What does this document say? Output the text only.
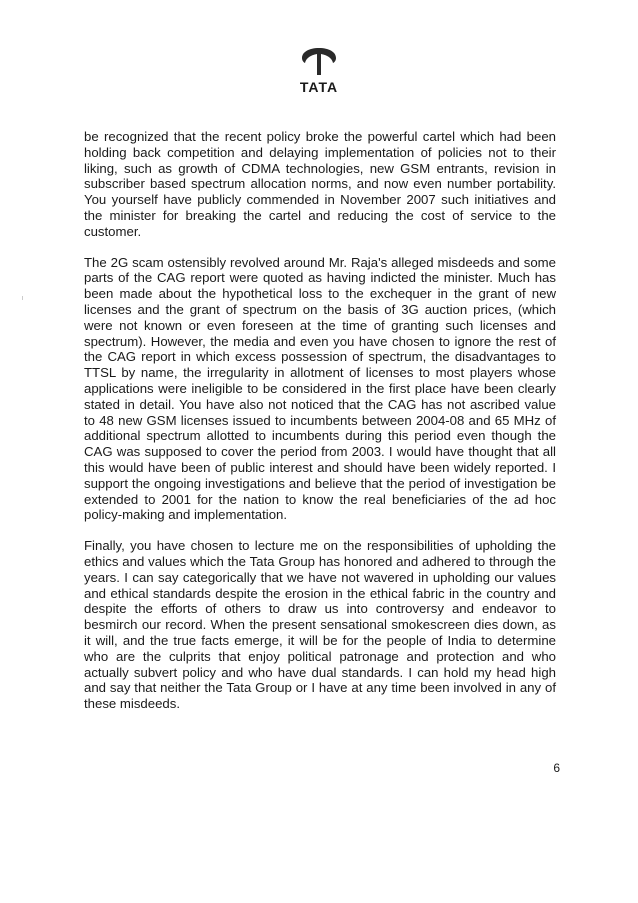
TATA

be recognized that the recent policy broke the powerful cartel which had been holding back competition and delaying implementation of policies not to their liking, such as growth of CDMA technologies, new GSM entrants, revision in subscriber based spectrum allocation norms, and now even number portability. You yourself have publicly commended in November 2007 such initiatives and the minister for breaking the cartel and reducing the cost of service to the customer.

The 2G scam ostensibly revolved around Mr. Raja's alleged misdeeds and some parts of the CAG report were quoted as having indicted the minister. Much has been made about the hypothetical loss to the exchequer in the grant of new licenses and the grant of spectrum on the basis of 3G auction prices, (which were not known or even foreseen at the time of granting such licenses and spectrum). However, the media and even you have chosen to ignore the rest of the CAG report in which excess possession of spectrum, the disadvantages to TTSL by name, the irregularity in allotment of licenses to most players whose applications were ineligible to be considered in the first place have been clearly stated in detail. You have also not noticed that the CAG has not ascribed value to 48 new GSM licenses issued to incumbents between 2004-08 and 65 MHz of additional spectrum allotted to incumbents during this period even though the CAG was supposed to cover the period from 2003. I would have thought that all this would have been of public interest and should have been widely reported. I support the ongoing investigations and believe that the period of investigation be extended to 2001 for the nation to know the real beneficiaries of the ad hoc policy-making and implementation.

Finally, you have chosen to lecture me on the responsibilities of upholding the ethics and values which the Tata Group has honored and adhered to through the years. I can say categorically that we have not wavered in upholding our values and ethical standards despite the erosion in the ethical fabric in the country and despite the efforts of others to draw us into controversy and endeavor to besmirch our record. When the present sensational smokescreen dies down, as it will, and the true facts emerge, it will be for the people of India to determine who are the culprits that enjoy political patronage and protection and who actually subvert policy and who have dual standards. I can hold my head high and say that neither the Tata Group or I have at any time been involved in any of these misdeeds.

6
